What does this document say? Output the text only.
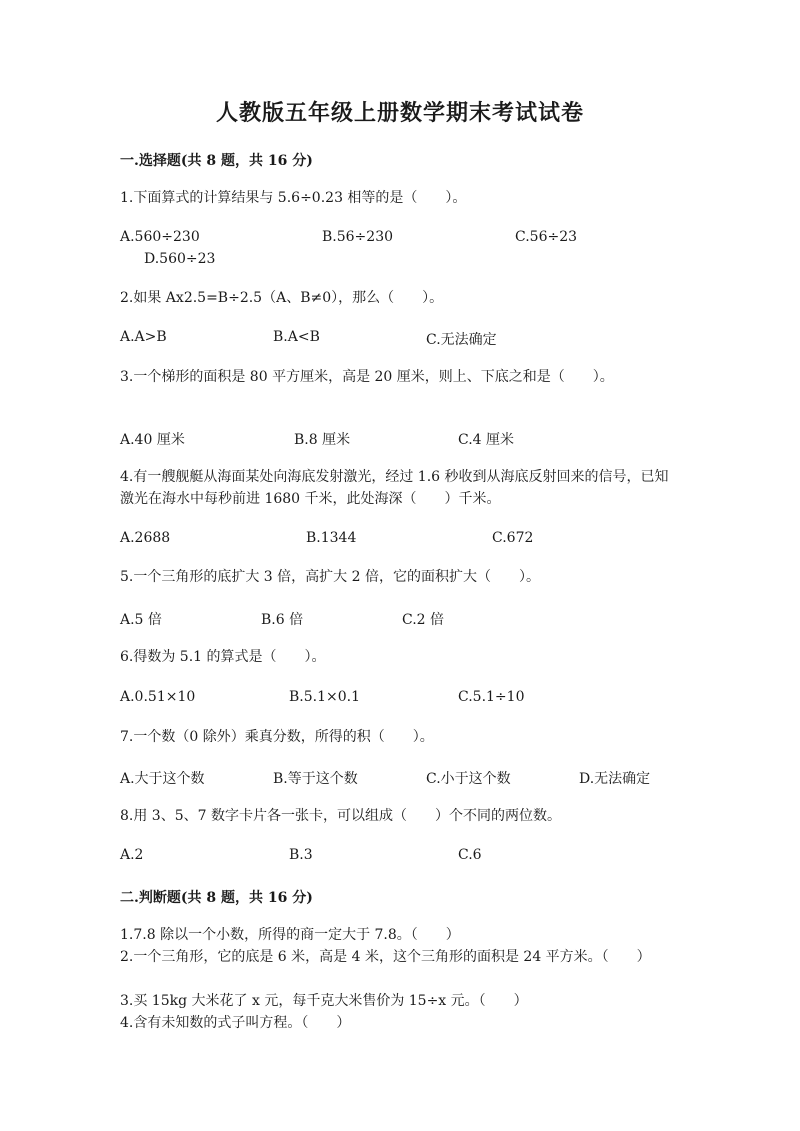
人教版五年级上册数学期末考试试卷
一.选择题(共 8 题，共 16 分)
1.下面算式的计算结果与 5.6÷0.23 相等的是（　　）。
A.560÷230	B.56÷230	C.56÷23
D.560÷23
2.如果 Ax2.5=B÷2.5（A、B≠0），那么（　　）。
A.A>B	B.A<B	C.无法确定
3.一个梯形的面积是 80 平方厘米，高是 20 厘米，则上、下底之和是（　　）。
A.40 厘米	B.8 厘米	C.4 厘米
4.有一艘舰艇从海面某处向海底发射激光，经过 1.6 秒收到从海底反射回来的信号，已知激光在海水中每秒前进 1680 千米，此处海深（　　）千米。
A.2688	B.1344	C.672
5.一个三角形的底扩大 3 倍，高扩大 2 倍，它的面积扩大（　　）。
A.5 倍	B.6 倍	C.2 倍
6.得数为 5.1 的算式是（　　）。
A.0.51×10	B.5.1×0.1	C.5.1÷10
7.一个数（0 除外）乘真分数，所得的积（　　）。
A.大于这个数	B.等于这个数	C.小于这个数	D.无法确定
8.用 3、5、7 数字卡片各一张卡，可以组成（　　）个不同的两位数。
A.2	B.3	C.6
二.判断题(共 8 题，共 16 分)
1.7.8 除以一个小数，所得的商一定大于 7.8。（　　）
2.一个三角形，它的底是 6 米，高是 4 米，这个三角形的面积是 24 平方米。（　　）
3.买 15kg 大米花了 x 元，每千克大米售价为 15÷x 元。（　　）
4.含有未知数的式子叫方程。（　　）
